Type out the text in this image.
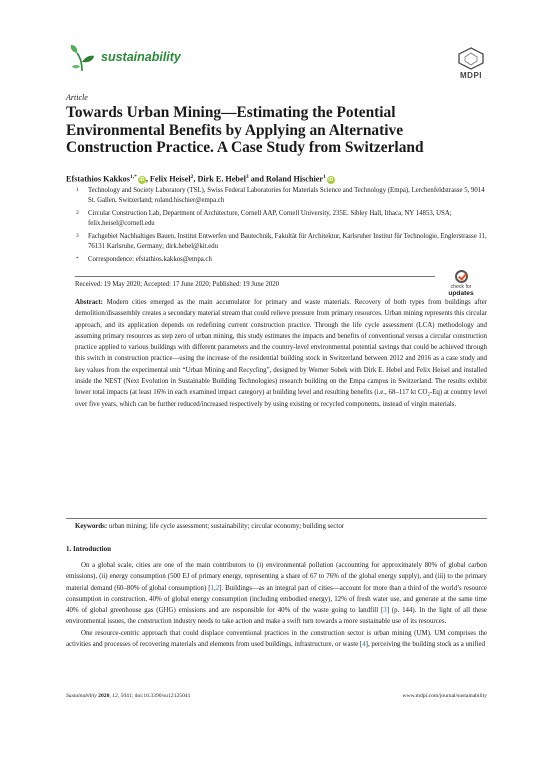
sustainability
MDPI
Article
Towards Urban Mining—Estimating the Potential Environmental Benefits by Applying an Alternative Construction Practice. A Case Study from Switzerland
Efstathios Kakkos$^{1,*}$ iD , Felix Heisel$^2$, Dirk E. Hebel$^3$ and Roland Hischier$^1$ iD
1 Technology and Society Laboratory (TSL), Swiss Federal Laboratories for Materials Science and Technology (Empa), Lerchenfeldstrasse 5, 9014 St. Gallen, Switzerland; roland.hischier@empa.ch
2 Circular Construction Lab, Department of Architecture, Cornell AAP, Cornell University, 235E. Sibley Hall, Ithaca, NY 14853, USA; felix.heisel@cornell.edu
3 Fachgebiet Nachhaltiges Bauen, Institut Entwerfen und Bautechnik, Fakultät für Architektur, Karlsruher Institut für Technologie, Englerstrasse 11, 76131 Karlsruhe, Germany; dirk.hebel@kit.edu
* Correspondence: efstathios.kakkos@empa.ch
check for
updates
Received: 19 May 2020; Accepted: 17 June 2020; Published: 19 June 2020
Abstract: Modern cities emerged as the main accumulator for primary and waste materials. Recovery of both types from buildings after demolition/disassembly creates a secondary material stream that could relieve pressure from primary resources. Urban mining represents this circular approach, and its application depends on redefining current construction practice. Through the life cycle assessment (LCA) methodology and assuming primary resources as step zero of urban mining, this study estimates the impacts and benefits of conventional versus a circular construction practice applied to various buildings with different parameters and the country-level environmental potential savings that could be achieved through this switch in construction practice—using the increase of the residential building stock in Switzerland between 2012 and 2016 as a case study and key values from the experimental unit “Urban Mining and Recycling”, designed by Werner Sobek with Dirk E. Hebel and Felix Heisel and installed inside the NEST (Next Evolution in Sustainable Building Technologies) research building on the Empa campus in Switzerland. The results exhibit lower total impacts (at least 16% in each examined impact category) at building level and resulting benefits (i.e., 68–117 kt CO₂-Eq) at country level over five years, which can be further reduced/increased respectively by using existing or recycled components, instead of virgin materials.
Keywords: urban mining; life cycle assessment; sustainability; circular economy; building sector
1. Introduction

On a global scale, cities are one of the main contributors to (i) environmental pollution (accounting for approximately 80% of global carbon emissions), (ii) energy consumption (500 EJ of primary energy, representing a share of 67 to 76% of the global energy supply), and (iii) to the primary material demand (60–80% of global consumption) [1,2]. Buildings—as an integral part of cities—account for more than a third of the world’s resource consumption in construction, 40% of global energy consumption (including embodied energy), 12% of fresh water use, and generate at the same time 40% of global greenhouse gas (GHG) emissions and are responsible for 40% of the waste going to landfill [3] (p. 144). In the light of all these environmental issues, the construction industry needs to take action and make a swift turn towards a more sustainable use of its resources.

One resource-centric approach that could displace conventional practices in the construction sector is urban mining (UM). UM comprises the activities and processes of recovering materials and elements from used buildings, infrastructure, or waste [4], perceiving the building stock as a unified

Sustainability 2020, 12, 5041; doi:10.3390/su12125041	www.mdpi.com/journal/sustainability
